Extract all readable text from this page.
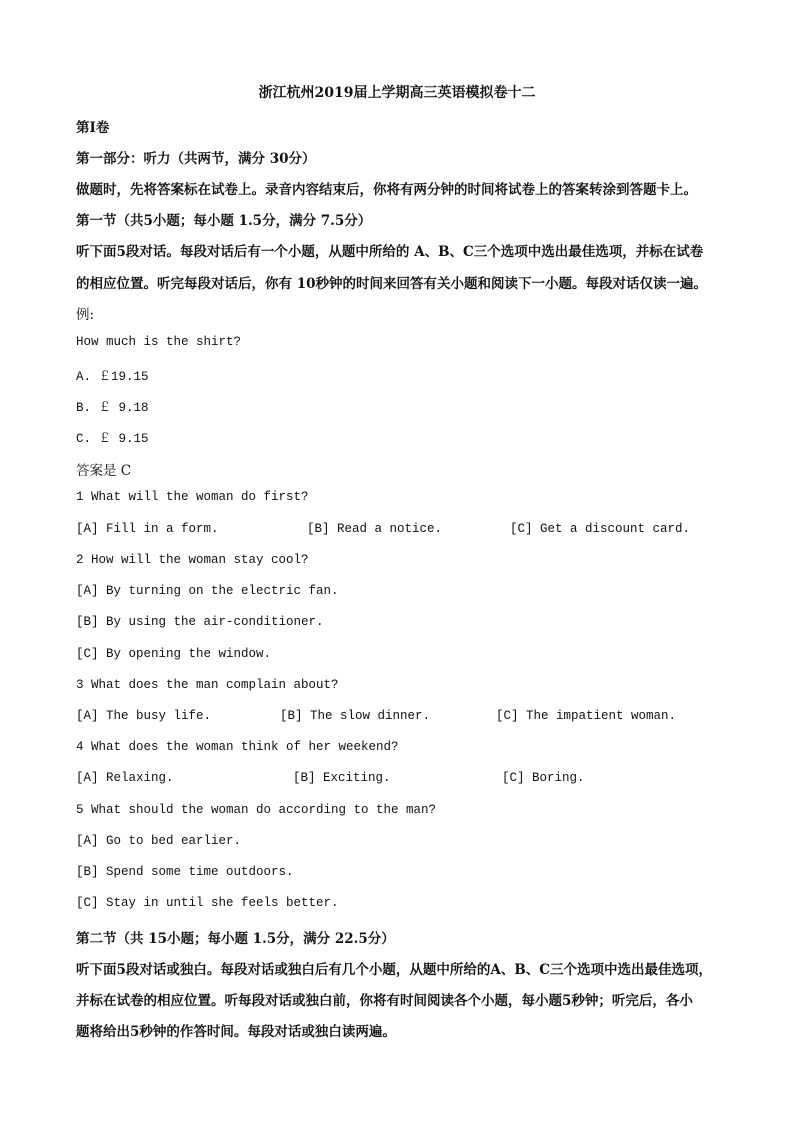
浙江杭州2019届上学期高三英语模拟卷十二
第Ⅰ卷
第一部分：听力（共两节，满分 30分）
做题时，先将答案标在试卷上。录音内容结束后，你将有两分钟的时间将试卷上的答案转涂到答题卡上。
第一节（共5小题；每小题 1.5分，满分 7.5分）
听下面5段对话。每段对话后有一个小题，从题中所给的 A、B、C三个选项中选出最佳选项，并标在试卷
的相应位置。听完每段对话后，你有 10秒钟的时间来回答有关小题和阅读下一小题。每段对话仅读一遍。
例:
How much is the shirt?
A. ￡19.15
B. ￡ 9.18
C. ￡ 9.15
答案是 C
1 What will the woman do first?
[A] Fill in a form.	[B] Read a notice.	[C] Get a discount card.
2 How will the woman stay cool?
[A] By turning on the electric fan.
[B] By using the air-conditioner.
[C] By opening the window.
3 What does the man complain about?
[A] The busy life.	[B] The slow dinner.	[C] The impatient woman.
4 What does the woman think of her weekend?
[A] Relaxing.	[B] Exciting.	[C] Boring.
5 What should the woman do according to the man?
[A] Go to bed earlier.
[B] Spend some time outdoors.
[C] Stay in until she feels better.
第二节（共 15小题；每小题 1.5分，满分 22.5分）
听下面5段对话或独白。每段对话或独白后有几个小题，从题中所给的A、B、C三个选项中选出最佳选项，
并标在试卷的相应位置。听每段对话或独白前，你将有时间阅读各个小题，每小题5秒钟；听完后，各小
题将给出5秒钟的作答时间。每段对话或独白读两遍。
